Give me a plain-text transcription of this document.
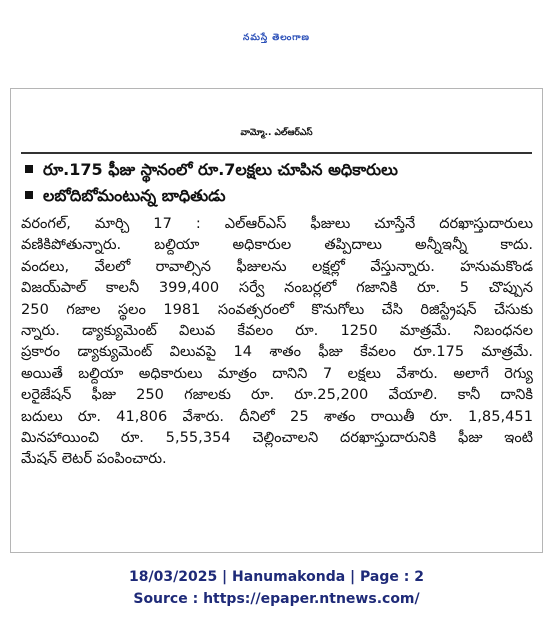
నమస్తే తెలంగాణ
వామ్మో.. ఎల్‌ఆర్‌ఎస్
రూ.175 ఫీజు స్థానంలో రూ.7లక్షలు చూపిన అధికారులు
లబోదిబోమంటున్న బాధితుడు

వరంగల్, మార్చి 17 : ఎల్‌ఆర్‌ఎస్ ఫీజులు చూస్తేనే దరఖాస్తుదారులు

వణికిపోతున్నారు. బల్దియా అధికారుల తప్పిదాలు అన్నీఇన్నీ కాదు.

వందలు, వేలలో రావాల్సిన ఫీజులను లక్షల్లో వేస్తున్నారు. హనుమకొండ

విజయ్‌పాల్ కాలనీ 399,400 సర్వే నంబర్లలో గజానికి రూ. 5 చొప్పున

250 గజాల స్థలం 1981 సంవత్సరంలో కొనుగోలు చేసి రిజిస్ట్రేషన్ చేసుకు

న్నారు. డ్యాక్యుమెంట్ విలువ కేవలం రూ. 1250 మాత్రమే. నిబంధనల

ప్రకారం డ్యాక్యుమెంట్ విలువపై 14 శాతం ఫీజు కేవలం రూ.175 మాత్రమే.

అయితే బల్దియా అధికారులు మాత్రం దానిని 7 లక్షలు వేశారు. అలాగే రెగ్యు

లరైజేషన్ ఫీజు 250 గజాలకు రూ. రూ.25,200 వేయాలి. కానీ దానికి

బదులు రూ. 41,806 వేశారు. దీనిలో 25 శాతం రాయితీ రూ. 1,85,451

మినహాయించి రూ. 5,55,354 చెల్లించాలని దరఖాస్తుదారునికి ఫీజు ఇంటి

మేషన్ లెటర్ పంపించారు.

18/03/2025 | Hanumakonda | Page : 2
Source : https://epaper.ntnews.com/
